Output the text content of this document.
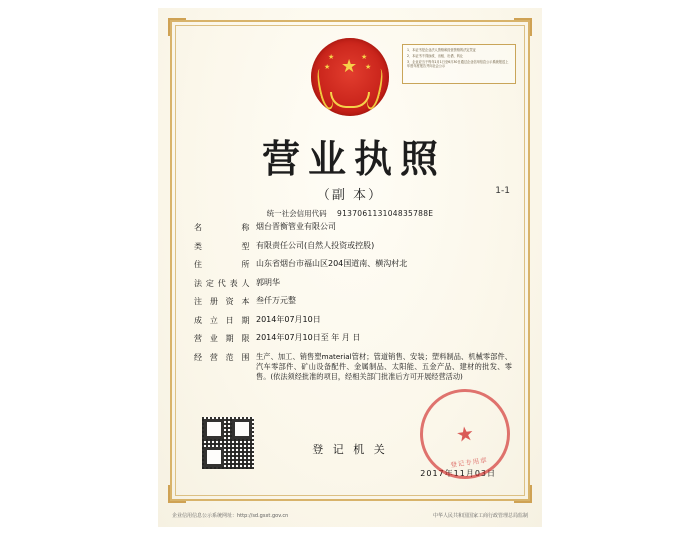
★
★
★
★
★

1、本证书是企业法人资格和经营资格的法定凭证

2、本证书不得涂改、出租、出借、转让

3、企业应当于每年1月1日至6月30日通过企业信用信息公示系统报送上年度年度报告并向社会公示

营业执照
（副 本）	1-1
统一社会信用代码 913706113104835788E
名称 烟台晋衡管业有限公司
类型 有限责任公司(自然人投资或控股)
住所 山东省烟台市福山区204国道南、横沟村北
法定代表人 郭明华
注册资本 叁仟万元整
成立日期 2014年07月10日
营业期限 2014年07月10日至 年 月 日
经营范围 生产、加工、销售塑material管材；管道销售、安装；塑料制品、机械零部件、汽车零部件、矿山设备配件、金属制品、太阳能、五金产品、建材的批发、零售。(依法须经批准的项目，经相关部门批准后方可开展经营活动)
登 记 机 关
2017年11月03日
★
登记专用章
企业信用信息公示系统网址：http://sd.gsxt.gov.cn	中华人民共和国国家工商行政管理总局监制
